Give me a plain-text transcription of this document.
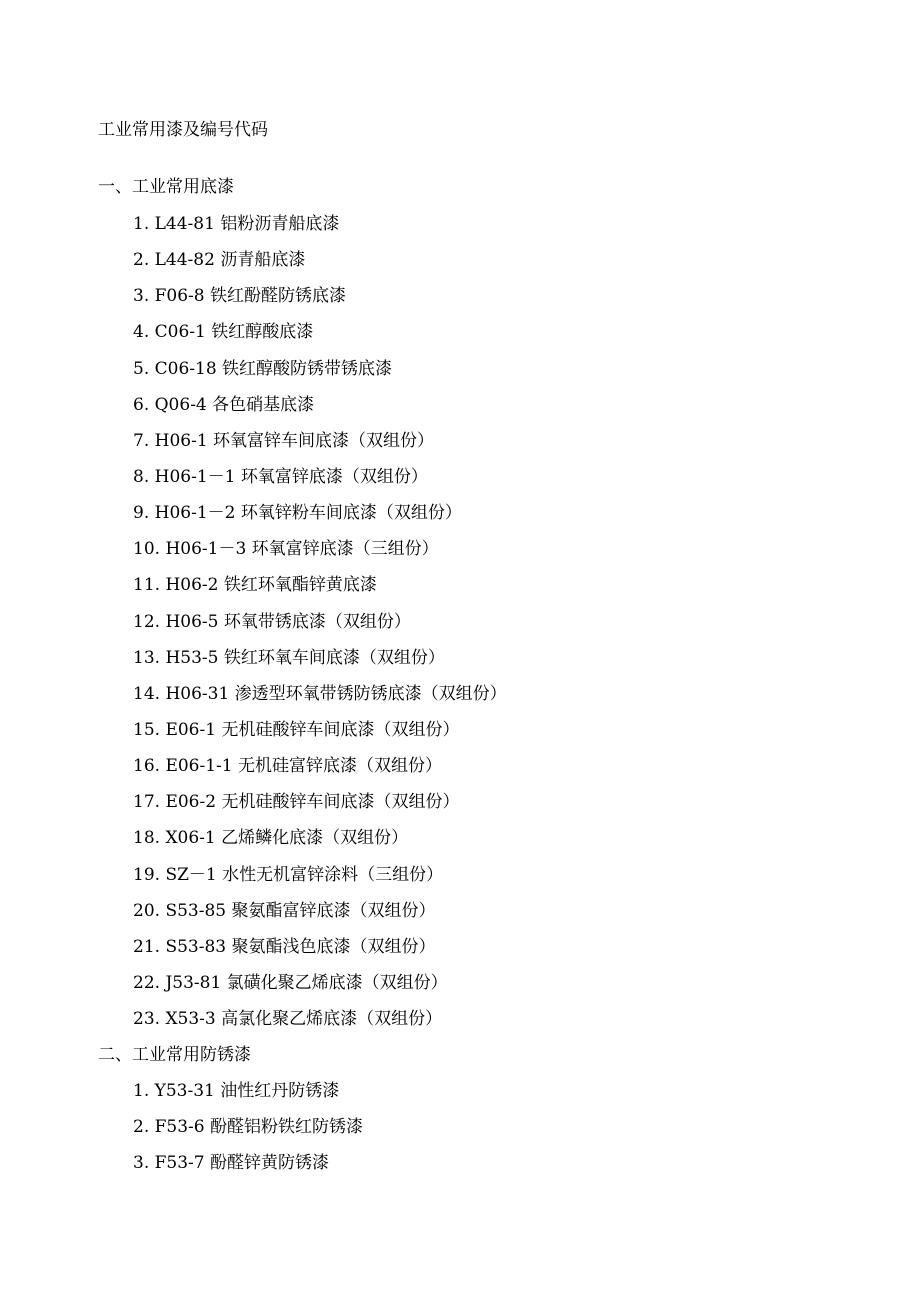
工业常用漆及编号代码
一、工业常用底漆
1. L44-81 铝粉沥青船底漆
2. L44-82 沥青船底漆
3. F06-8 铁红酚醛防锈底漆
4. C06-1 铁红醇酸底漆
5. C06-18 铁红醇酸防锈带锈底漆
6. Q06-4 各色硝基底漆
7. H06-1 环氧富锌车间底漆（双组份）
8. H06-1－1 环氧富锌底漆（双组份）
9. H06-1－2 环氧锌粉车间底漆（双组份）
10. H06-1－3 环氧富锌底漆（三组份）
11. H06-2 铁红环氧酯锌黄底漆
12. H06-5 环氧带锈底漆（双组份）
13. H53-5 铁红环氧车间底漆（双组份）
14. H06-31 渗透型环氧带锈防锈底漆（双组份）
15. E06-1 无机硅酸锌车间底漆（双组份）
16. E06-1-1 无机硅富锌底漆（双组份）
17. E06-2 无机硅酸锌车间底漆（双组份）
18. X06-1 乙烯鳞化底漆（双组份）
19. SZ－1 水性无机富锌涂料（三组份）
20. S53-85 聚氨酯富锌底漆（双组份）
21. S53-83 聚氨酯浅色底漆（双组份）
22. J53-81 氯磺化聚乙烯底漆（双组份）
23. X53-3 高氯化聚乙烯底漆（双组份）
二、工业常用防锈漆
1. Y53-31 油性红丹防锈漆
2. F53-6 酚醛铝粉铁红防锈漆
3. F53-7 酚醛锌黄防锈漆
